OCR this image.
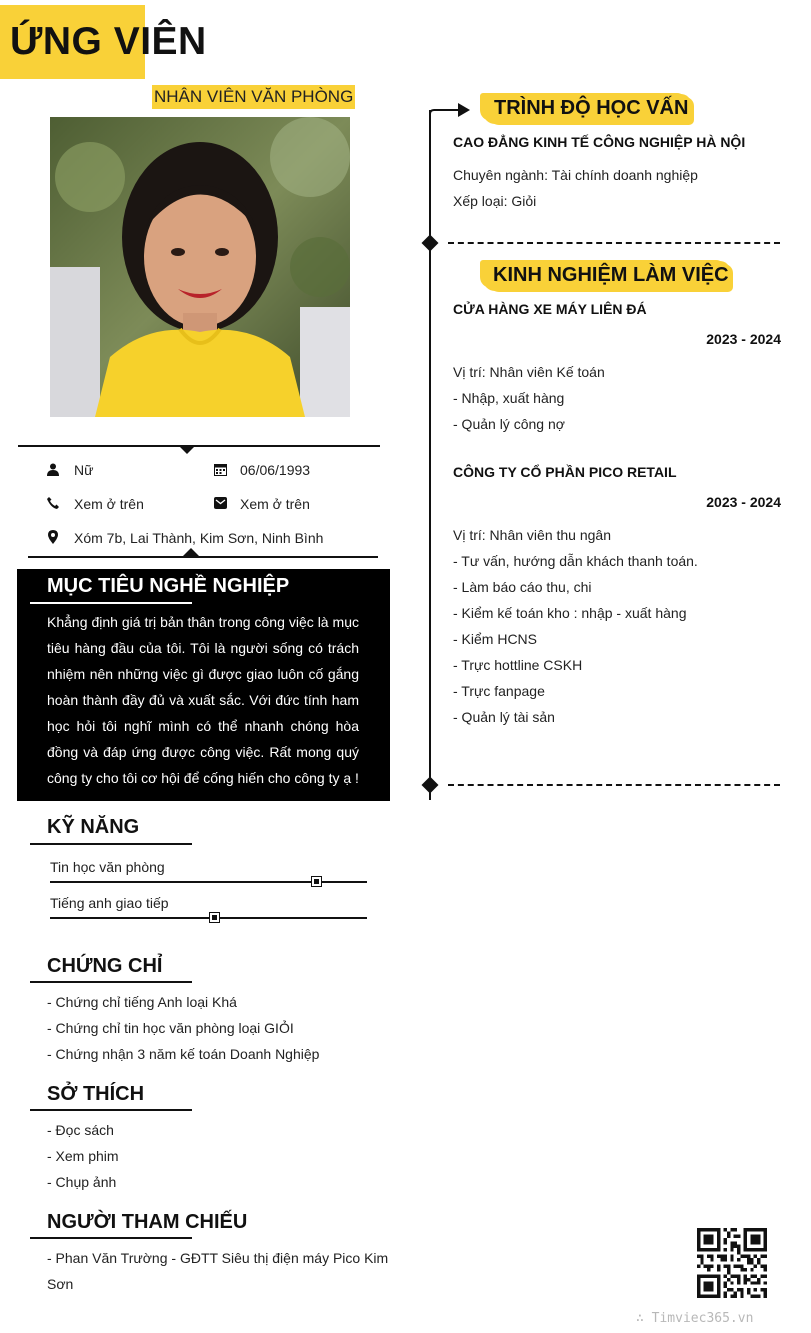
ỨNG VIÊN
NHÂN VIÊN VĂN PHÒNG
Nữ	06/06/1993
Xem ở trên	Xem ở trên
Xóm 7b, Lai Thành, Kim Sơn, Ninh Bình
MỤC TIÊU NGHỀ NGHIỆP
Khẳng định giá trị bản thân trong công việc là mục tiêu hàng đầu của tôi. Tôi là người sống có trách nhiệm nên những việc gì được giao luôn cố gắng hoàn thành đầy đủ và xuất sắc. Với đức tính ham học hỏi tôi nghĩ mình có thể nhanh chóng hòa đồng và đáp ứng được công việc. Rất mong quý công ty cho tôi cơ hội để cống hiến cho công ty ạ !
KỸ NĂNG
Tin học văn phòng
Tiếng anh giao tiếp
CHỨNG CHỈ
- Chứng chỉ tiếng Anh loại Khá
- Chứng chỉ tin học văn phòng loại GIỎI
- Chứng nhận 3 năm kế toán Doanh Nghiệp
SỞ THÍCH
- Đọc sách
- Xem phim
- Chụp ảnh
NGƯỜI THAM CHIẾU
- Phan Văn Trường - GĐTT Siêu thị điện máy Pico Kim
Sơn
TRÌNH ĐỘ HỌC VẤN
CAO ĐẲNG KINH TẾ CÔNG NGHIỆP HÀ NỘI
Chuyên ngành: Tài chính doanh nghiệp
Xếp loại: Giỏi
KINH NGHIỆM LÀM VIỆC
CỬA HÀNG XE MÁY LIÊN ĐÁ
2023 - 2024
Vị trí: Nhân viên Kế toán
- Nhập, xuất hàng
- Quản lý công nợ
CÔNG TY CỔ PHẦN PICO RETAIL
2023 - 2024
Vị trí: Nhân viên thu ngân
- Tư vấn, hướng dẫn khách thanh toán.
- Làm báo cáo thu, chi
- Kiểm kế toán kho : nhập - xuất hàng
- Kiểm HCNS
- Trực hottline CSKH
- Trực fanpage
- Quản lý tài sản
∴ Timviec365.vn
